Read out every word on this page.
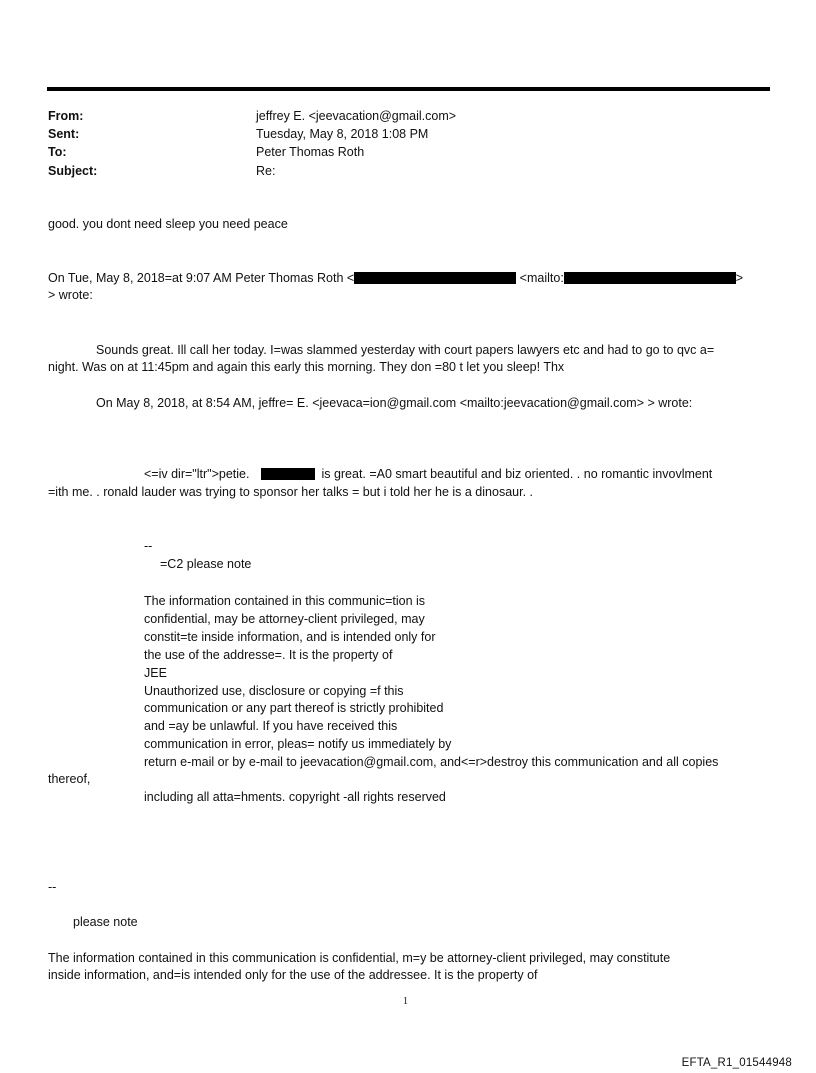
From:	jeffrey E. <jeevacation@gmail.com>
Sent:	Tuesday, May 8, 2018 1:08 PM
To:	Peter Thomas Roth
Subject:	Re:
good. you dont need sleep you need peace
On Tue, May 8, 2018=at 9:07 AM Peter Thomas Roth <	<mailto:	>
> wrote:
Sounds great. Ill call her today. I=was slammed yesterday with court papers lawyers etc and had to go to qvc a=
night. Was on at 11:45pm and again this early this morning. They don =80 t let you sleep! Thx
On May 8, 2018, at 8:54 AM, jeffre= E. <jeevaca=ion@gmail.com <mailto:jeevacation@gmail.com> > wrote:
<=iv dir="ltr">petie.	is great. =A0 smart beautiful and biz oriented. . no romantic invovlment
=ith me. . ronald lauder was trying to sponsor her talks = but i told her he is a dinosaur. .
--
=C2 please note
The information contained in this communic=tion is
confidential, may be attorney-client privileged, may
constit=te inside information, and is intended only for
the use of the addresse=. It is the property of
JEE
Unauthorized use, disclosure or copying =f this
communication or any part thereof is strictly prohibited
and =ay be unlawful. If you have received this
communication in error, pleas= notify us immediately by
return e-mail or by e-mail to jeevacation@gmail.com, and<=r>destroy this communication and all copies
thereof,
including all atta=hments. copyright -all rights reserved
--
please note
The information contained in this communication is confidential, m=y be attorney-client privileged, may constitute
inside information, and=is intended only for the use of the addressee. It is the property of
1
EFTA_R1_01544948
